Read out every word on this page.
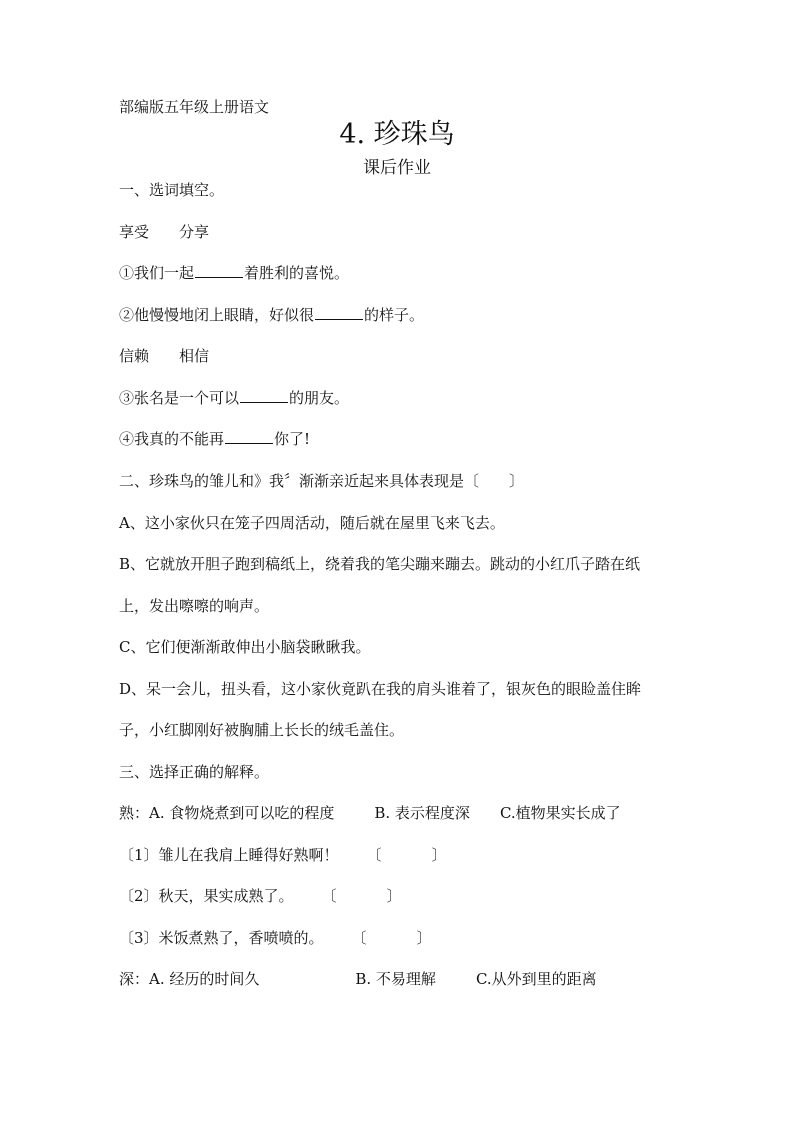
部编版五年级上册语文
4. 珍珠鸟
课后作业
一、选词填空。
享受 分享
①我们一起	着胜利的喜悦。
②他慢慢地闭上眼睛，好似很	的样子。
信赖 相信
③张名是一个可以	的朋友。
④我真的不能再	你了!
二、珍珠鸟的雏儿和》我〞渐渐亲近起来具体表现是〔　　〕
A、这小家伙只在笼子四周活动，随后就在屋里飞来飞去。
B、它就放开胆子跑到稿纸上，绕着我的笔尖蹦来蹦去。跳动的小红爪子踏在纸
上，发出嚓嚓的响声。
C、它们便渐渐敢伸出小脑袋瞅瞅我。
D、呆一会儿，扭头看，这小家伙竟趴在我的肩头谁着了，银灰色的眼睑盖住眸
子，小红脚刚好被胸脯上长长的绒毛盖住。
三、选择正确的解释。
熟：A. 食物烧煮到可以吃的程度	B. 表示程度深 C.植物果实长成了
〔1〕雏儿在我肩上睡得好熟啊！ 〔	〕
〔2〕秋天，果实成熟了。 〔	〕
〔3〕米饭煮熟了，香喷喷的。 〔	〕
深：A. 经历的时间久	B. 不易理解	C.从外到里的距离
